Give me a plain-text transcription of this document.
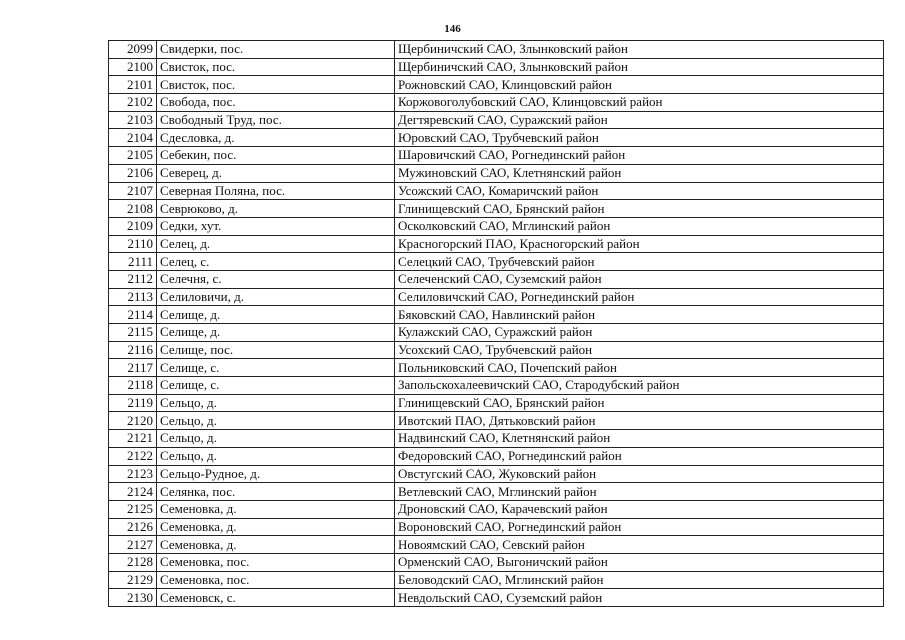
146
2099	Свидерки, пос.	Щербиничский САО, Злынковский район
2100	Свисток, пос.	Щербиничский САО, Злынковский район
2101	Свисток, пос.	Рожновский САО, Клинцовский район
2102	Свобода, пос.	Коржовоголубовский САО, Клинцовский район
2103	Свободный Труд, пос.	Дегтяревский САО, Суражский район
2104	Сдесловка, д.	Юровский САО, Трубчевский район
2105	Себекин, пос.	Шаровичский САО, Рогнединский район
2106	Северец, д.	Мужиновский САО, Клетнянский район
2107	Северная Поляна, пос.	Усожский САО, Комаричский район
2108	Севрюково, д.	Глинищевский САО, Брянский район
2109	Седки, хут.	Осколковский САО, Мглинский район
2110	Селец, д.	Красногорский ПАО, Красногорский район
2111	Селец, с.	Селецкий САО, Трубчевский район
2112	Селечня, с.	Селеченский САО, Суземский район
2113	Селиловичи, д.	Селиловичский САО, Рогнединский район
2114	Селище, д.	Бяковский САО, Навлинский район
2115	Селище, д.	Кулажский САО, Суражский район
2116	Селище, пос.	Усохский САО, Трубчевский район
2117	Селище, с.	Польниковский САО, Почепский район
2118	Селище, с.	Запольскохалеевичский САО, Стародубский район
2119	Сельцо, д.	Глинищевский САО, Брянский район
2120	Сельцо, д.	Ивотский ПАО, Дятьковский район
2121	Сельцо, д.	Надвинский САО, Клетнянский район
2122	Сельцо, д.	Федоровский САО, Рогнединский район
2123	Сельцо-Рудное, д.	Овстугский САО, Жуковский район
2124	Селянка, пос.	Ветлевский САО, Мглинский район
2125	Семеновка, д.	Дроновский САО, Карачевский район
2126	Семеновка, д.	Вороновский САО, Рогнединский район
2127	Семеновка, д.	Новоямский САО, Севский район
2128	Семеновка, пос.	Орменский САО, Выгоничский район
2129	Семеновка, пос.	Беловодский САО, Мглинский район
2130	Семеновск, с.	Невдольский САО, Суземский район
